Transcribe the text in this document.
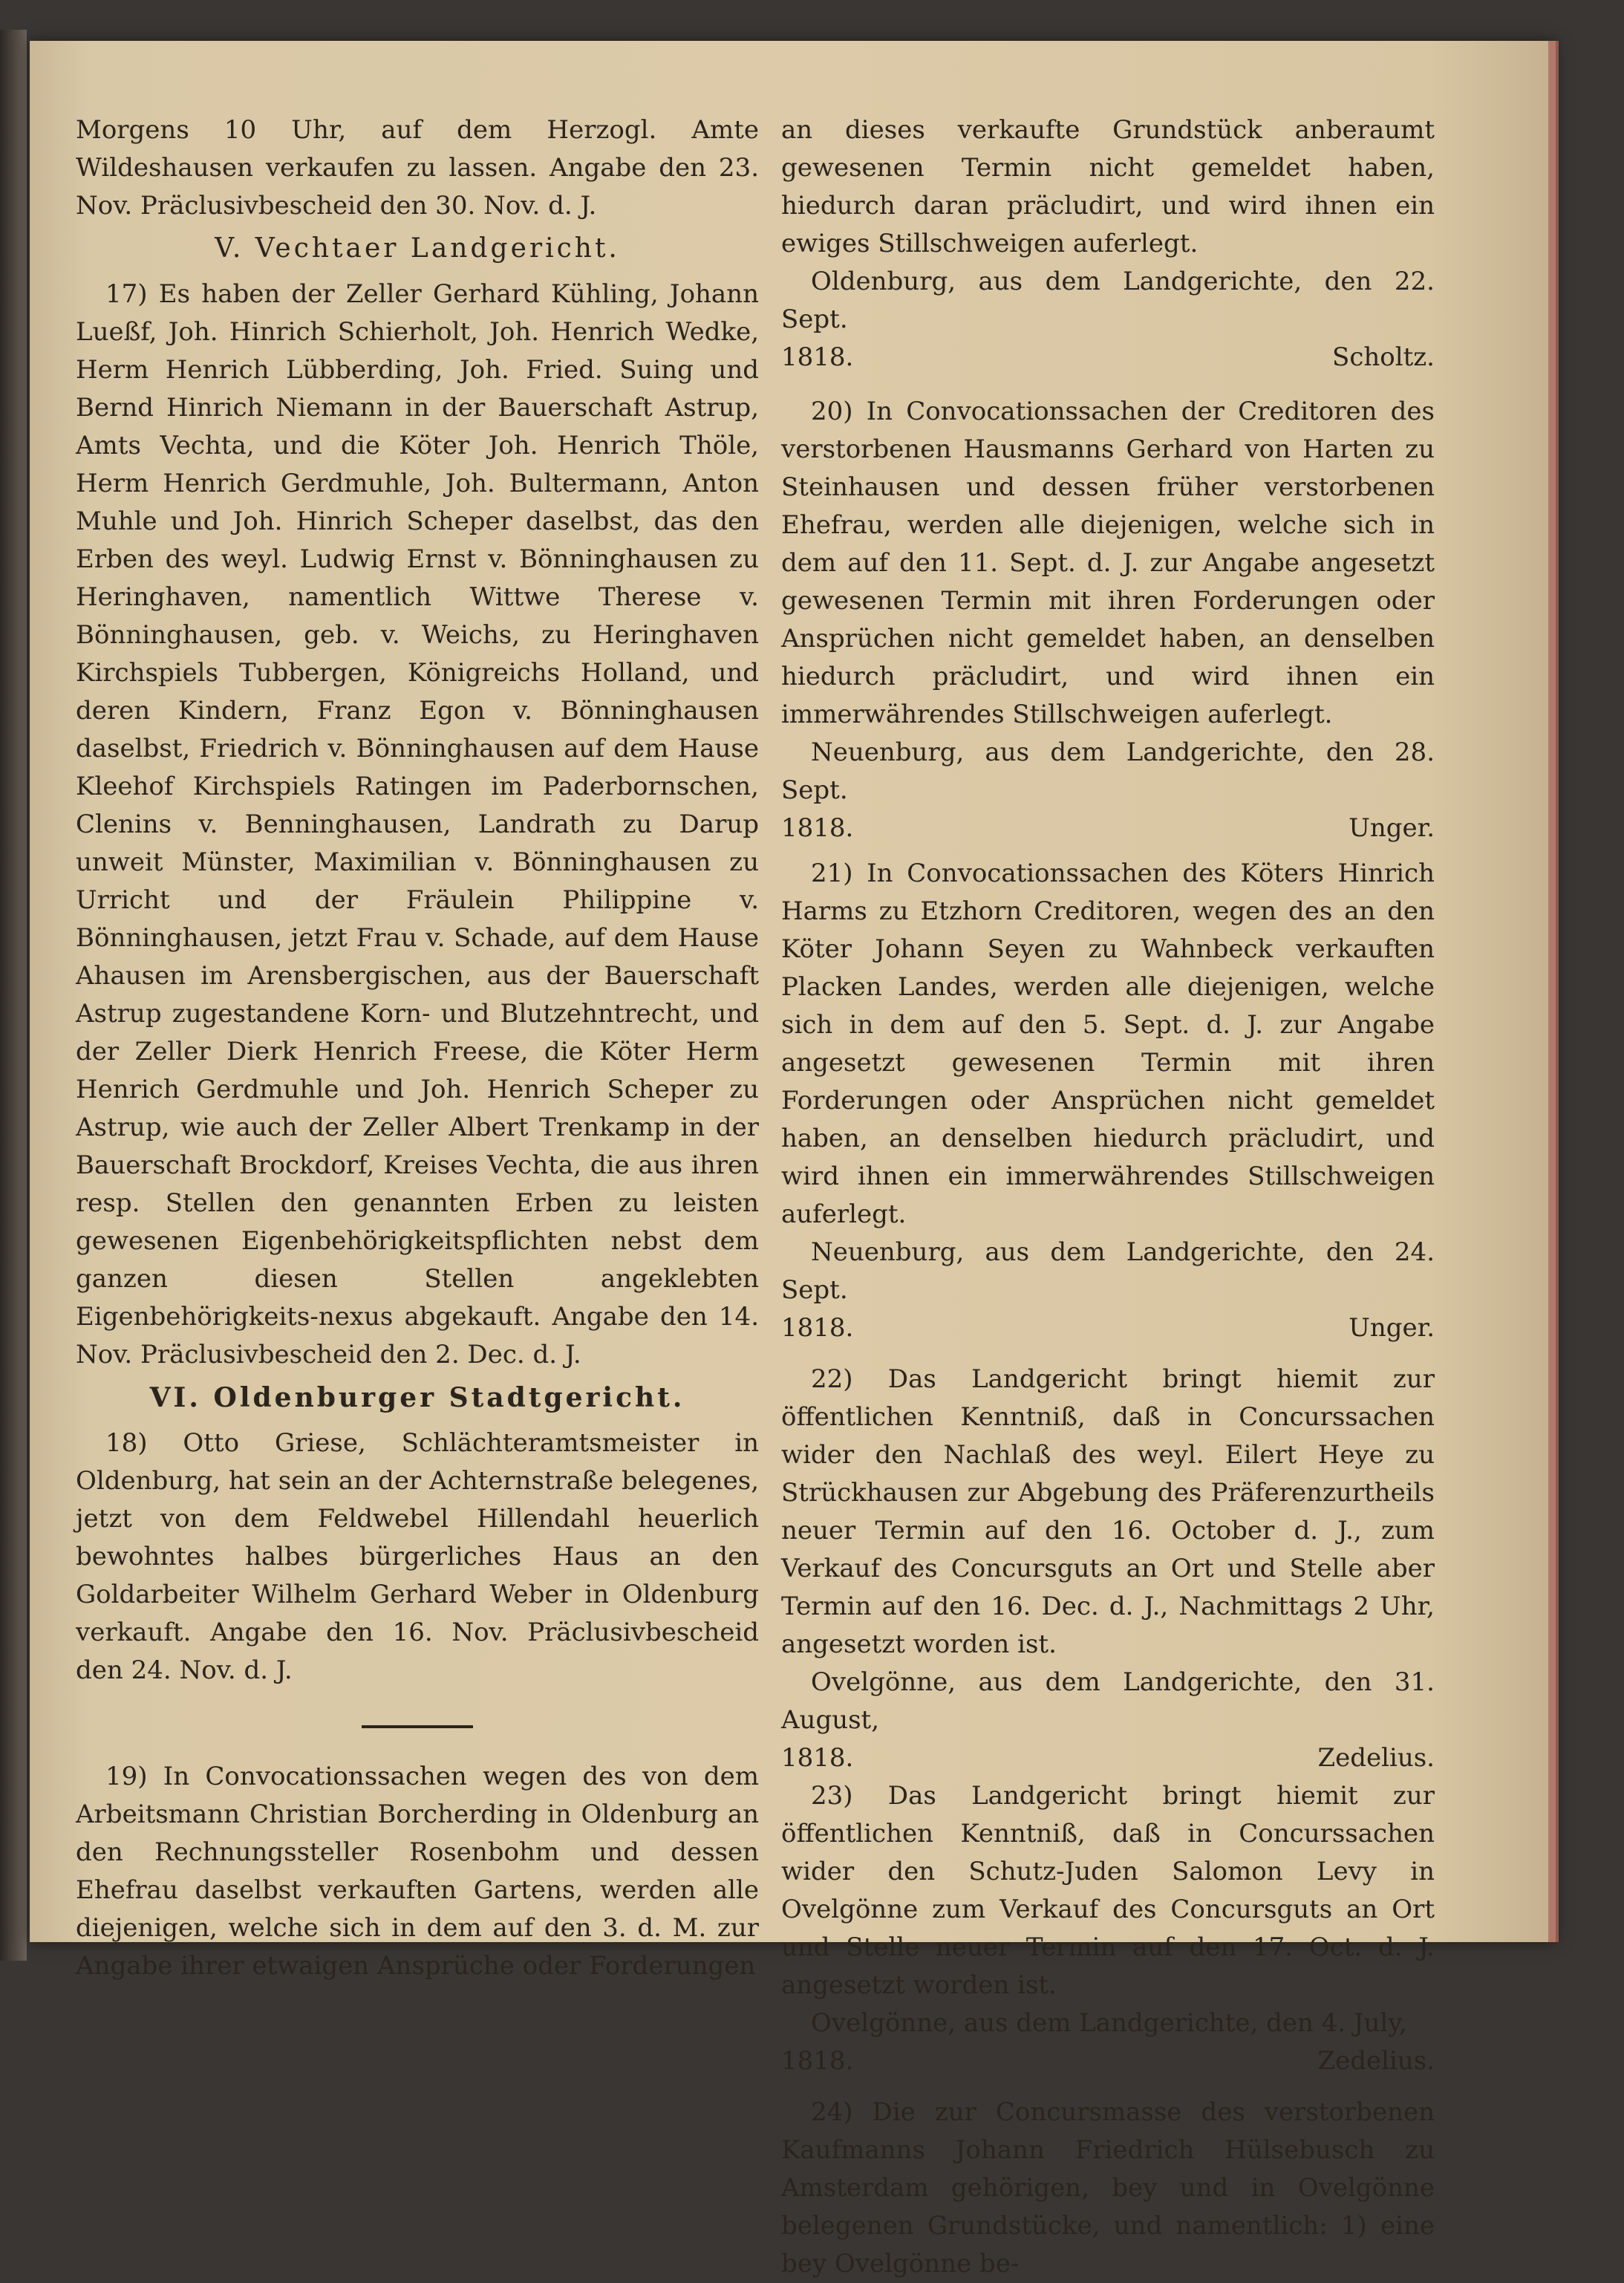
Morgens 10 Uhr, auf dem Herzogl. Amte Wildeshausen verkaufen zu lassen. Angabe den 23. Nov. Präclusivbescheid den 30. Nov. d. J.

V. Vechtaer Landgericht.

17) Es haben der Zeller Gerhard Kühling, Johann Lueßf, Joh. Hinrich Schierholt, Joh. Henrich Wedke, Herm Henrich Lübberding, Joh. Fried. Suing und Bernd Hinrich Niemann in der Bauerschaft Astrup, Amts Vechta, und die Köter Joh. Henrich Thöle, Herm Henrich Gerdmuhle, Joh. Bultermann, Anton Muhle und Joh. Hinrich Scheper daselbst, das den Erben des weyl. Ludwig Ernst v. Bönninghausen zu Heringhaven, namentlich Wittwe Therese v. Bönninghausen, geb. v. Weichs, zu Heringhaven Kirchspiels Tubbergen, Königreichs Holland, und deren Kindern, Franz Egon v. Bönninghausen daselbst, Friedrich v. Bönninghausen auf dem Hause Kleehof Kirchspiels Ratingen im Paderbornschen, Clenins v. Benninghausen, Landrath zu Darup unweit Münster, Maximilian v. Bönninghausen zu Urricht und der Fräulein Philippine v. Bönninghausen, jetzt Frau v. Schade, auf dem Hause Ahausen im Arensbergischen, aus der Bauerschaft Astrup zugestandene Korn- und Blutzehntrecht, und der Zeller Dierk Henrich Freese, die Köter Herm Henrich Gerdmuhle und Joh. Henrich Scheper zu Astrup, wie auch der Zeller Albert Trenkamp in der Bauerschaft Brockdorf, Kreises Vechta, die aus ihren resp. Stellen den genannten Erben zu leisten gewesenen Eigenbehörigkeitspflichten nebst dem ganzen diesen Stellen angeklebten Eigenbehörigkeits-nexus abgekauft. Angabe den 14. Nov. Präclusivbescheid den 2. Dec. d. J.

VI. Oldenburger Stadtgericht.

18) Otto Griese, Schlächteramtsmeister in Oldenburg, hat sein an der Achternstraße belegenes, jetzt von dem Feldwebel Hillendahl heuerlich bewohntes halbes bürgerliches Haus an den Goldarbeiter Wilhelm Gerhard Weber in Oldenburg verkauft. Angabe den 16. Nov. Präclusivbescheid den 24. Nov. d. J.

19) In Convocationssachen wegen des von dem Arbeitsmann Christian Borcherding in Oldenburg an den Rechnungssteller Rosenbohm und dessen Ehefrau daselbst verkauften Gartens, werden alle diejenigen, welche sich in dem auf den 3. d. M. zur Angabe ihrer etwaigen Ansprüche oder Forderungen

an dieses verkaufte Grundstück anberaumt gewesenen Termin nicht gemeldet haben, hiedurch daran präcludirt, und wird ihnen ein ewiges Stillschweigen auferlegt.

Oldenburg, aus dem Landgerichte, den 22. Sept.

1818.	Scholtz.

20) In Convocationssachen der Creditoren des verstorbenen Hausmanns Gerhard von Harten zu Steinhausen und dessen früher verstorbenen Ehefrau, werden alle diejenigen, welche sich in dem auf den 11. Sept. d. J. zur Angabe angesetzt gewesenen Termin mit ihren Forderungen oder Ansprüchen nicht gemeldet haben, an denselben hiedurch präcludirt, und wird ihnen ein immerwährendes Stillschweigen auferlegt.

Neuenburg, aus dem Landgerichte, den 28. Sept.

1818.	Unger.

21) In Convocationssachen des Köters Hinrich Harms zu Etzhorn Creditoren, wegen des an den Köter Johann Seyen zu Wahnbeck verkauften Placken Landes, werden alle diejenigen, welche sich in dem auf den 5. Sept. d. J. zur Angabe angesetzt gewesenen Termin mit ihren Forderungen oder Ansprüchen nicht gemeldet haben, an denselben hiedurch präcludirt, und wird ihnen ein immerwährendes Stillschweigen auferlegt.

Neuenburg, aus dem Landgerichte, den 24. Sept.

1818.	Unger.

22) Das Landgericht bringt hiemit zur öffentlichen Kenntniß, daß in Concurssachen wider den Nachlaß des weyl. Eilert Heye zu Strückhausen zur Abgebung des Präferenzurtheils neuer Termin auf den 16. October d. J., zum Verkauf des Concursguts an Ort und Stelle aber Termin auf den 16. Dec. d. J., Nachmittags 2 Uhr, angesetzt worden ist.

Ovelgönne, aus dem Landgerichte, den 31. August,

1818.	Zedelius.

23) Das Landgericht bringt hiemit zur öffentlichen Kenntniß, daß in Concurssachen wider den Schutz-Juden Salomon Levy in Ovelgönne zum Verkauf des Concursguts an Ort und Stelle neuer Termin auf den 17. Oct. d. J. angesetzt worden ist.

Ovelgönne, aus dem Landgerichte, den 4. July,

1818.	Zedelius.

24) Die zur Concursmasse des verstorbenen Kaufmanns Johann Friedrich Hülsebusch zu Amsterdam gehörigen, bey und in Ovelgönne belegenen Grundstücke, und namentlich: 1) eine bey Ovelgönne be-
